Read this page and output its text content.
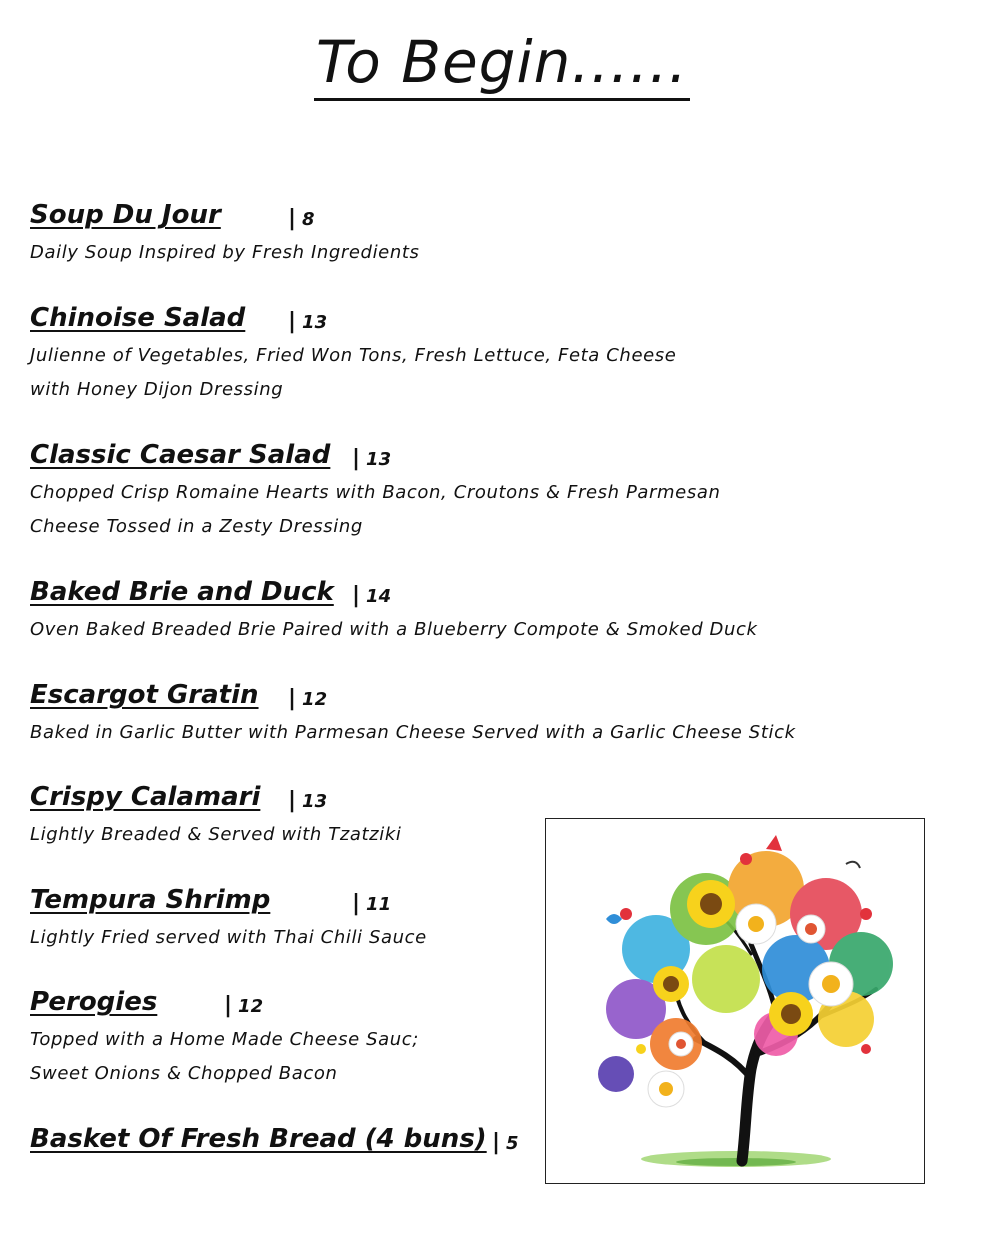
To Begin......
Soup Du Jour	| 8
Daily Soup Inspired by Fresh Ingredients
Chinoise Salad | 13
Julienne of Vegetables, Fried Won Tons, Fresh Lettuce, Feta Cheese
with Honey Dijon Dressing
Classic Caesar Salad | 13
Chopped Crisp Romaine Hearts with Bacon, Croutons & Fresh Parmesan
Cheese Tossed in a Zesty Dressing
Baked Brie and Duck | 14
Oven Baked Breaded Brie Paired with a Blueberry Compote & Smoked Duck
Escargot Gratin | 12
Baked in Garlic Butter with Parmesan Cheese Served with a Garlic Cheese Stick
Crispy Calamari | 13
Lightly Breaded & Served with Tzatziki
Tempura Shrimp	| 11
Lightly Fried served with Thai Chili Sauce
Perogies	| 12
Topped with a Home Made Cheese Sauc;
Sweet Onions & Chopped Bacon
Basket Of Fresh Bread (4 buns) | 5
